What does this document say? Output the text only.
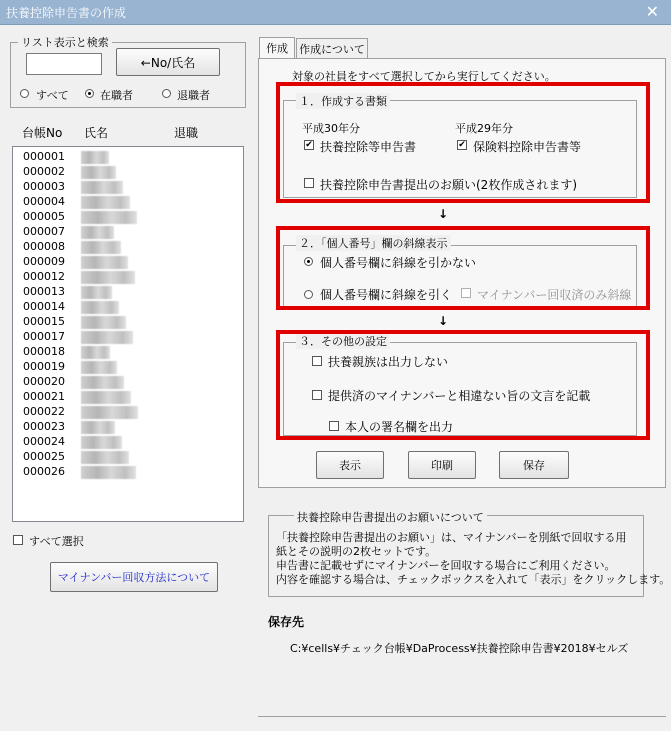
扶養控除申告書の作成	✕
リスト表示と検索
←No/氏名
すべて	在職者	退職者
台帳No 氏名	退職
000001
000002
000003
000004
000005
000007
000008
000009
000012
000013
000014
000015
000017
000018
000019
000020
000021
000022
000023
000024
000025
000026
すべて選択
マイナンバー回収方法について
作成	作成について
対象の社員をすべて選択してから実行してください。
１．作成する書類
平成30年分	平成29年分
✔ 扶養控除等申告書	✔ 保険料控除申告書等
扶養控除申告書提出のお願い(2枚作成されます)
↓
２．「個人番号」欄の斜線表示
個人番号欄に斜線を引かない
個人番号欄に斜線を引く マイナンバー回収済のみ斜線
↓
３．その他の設定
扶養親族は出力しない
提供済のマイナンバーと相違ない旨の文言を記載
本人の署名欄を出力
表示	印刷	保存
扶養控除申告書提出のお願いについて
「扶養控除申告書提出のお願い」は、マイナンバーを別紙で回収する用
紙とその説明の2枚セットです。
申告書に記載せずにマイナンバーを回収する場合にご利用ください。
内容を確認する場合は、チェックボックスを入れて「表示」をクリックします。
保存先
C:¥cells¥チェック台帳¥DaProcess¥扶養控除申告書¥2018¥セルズ
